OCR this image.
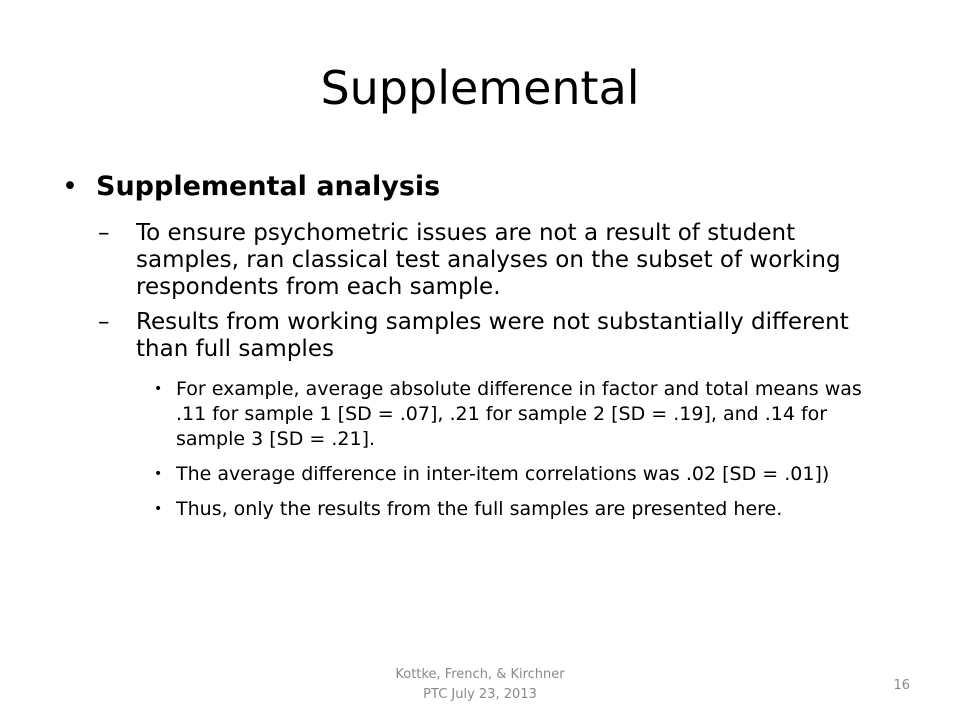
Supplemental
• Supplemental analysis
– To ensure psychometric issues are not a result of student samples, ran classical test analyses on the subset of working respondents from each sample.
– Results from working samples were not substantially different than full samples
• For example, average absolute difference in factor and total means was .11 for sample 1 [SD = .07], .21 for sample 2 [SD = .19], and .14 for sample 3 [SD = .21].
• The average difference in inter-item correlations was .02 [SD = .01])
• Thus, only the results from the full samples are presented here.
Kottke, French, & Kirchner
PTC July 23, 2013
16
